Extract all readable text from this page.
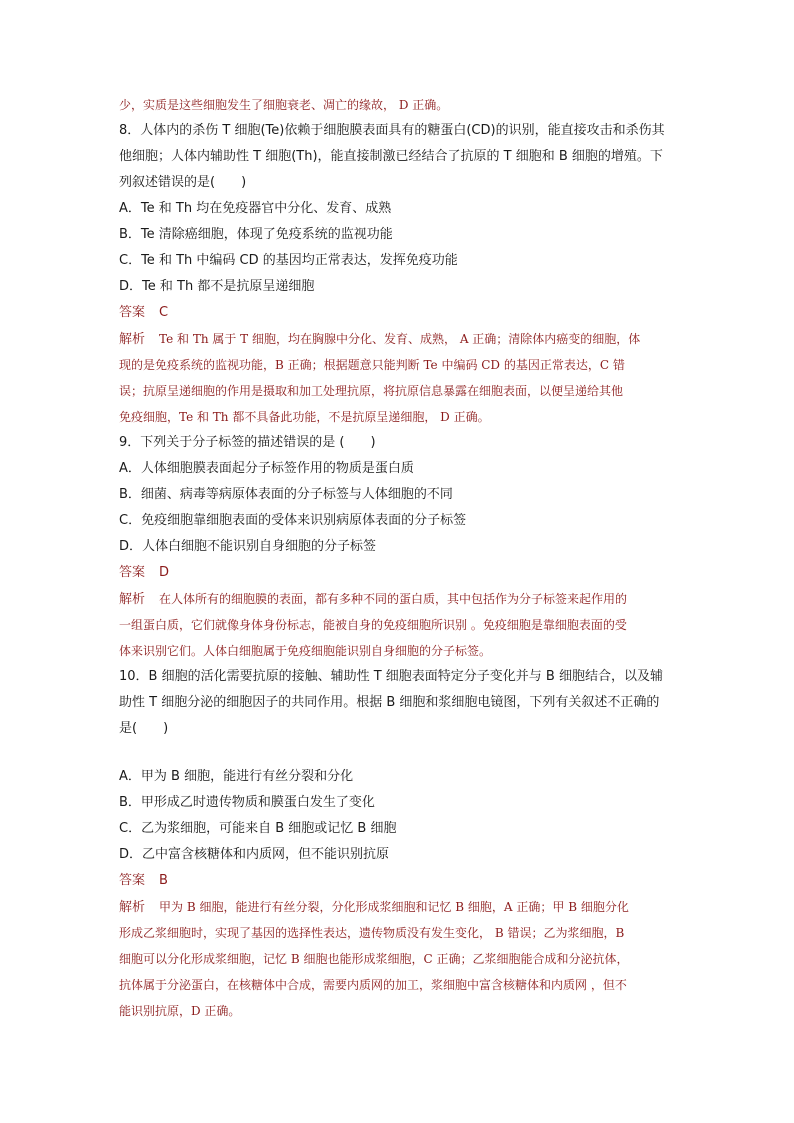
少，实质是这些细胞发生了细胞衰老、凋亡的缘故， D 正确。
8．人体内的杀伤 T 细胞(Te)依赖于细胞膜表面具有的糖蛋白(CD)的识别，能直接攻击和杀伤其
他细胞；人体内辅助性 T 细胞(Th)，能直接制激已经结合了抗原的 T 细胞和 B 细胞的增殖。下
列叙述错误的是(　　)
A．Te 和 Th 均在免疫器官中分化、发育、成熟
B．Te 清除癌细胞，体现了免疫系统的监视功能
C．Te 和 Th 中编码 CD 的基因均正常表达，发挥免疫功能
D．Te 和 Th 都不是抗原呈递细胞
答案 C
解析 Te 和 Th 属于 T 细胞，均在胸腺中分化、发育、成熟， A 正确；清除体内癌变的细胞，体
现的是免疫系统的监视功能，B 正确；根据题意只能判断 Te 中编码 CD 的基因正常表达，C 错
误；抗原呈递细胞的作用是摄取和加工处理抗原，将抗原信息暴露在细胞表面，以便呈递给其他
免疫细胞，Te 和 Th 都不具备此功能，不是抗原呈递细胞， D 正确。
9．下列关于分子标签的描述错误的是 (　　)
A．人体细胞膜表面起分子标签作用的物质是蛋白质
B．细菌、病毒等病原体表面的分子标签与人体细胞的不同
C．免疫细胞靠细胞表面的受体来识别病原体表面的分子标签
D．人体白细胞不能识别自身细胞的分子标签
答案 D
解析 在人体所有的细胞膜的表面，都有多种不同的蛋白质，其中包括作为分子标签来起作用的
一组蛋白质，它们就像身体身份标志，能被自身的免疫细胞所识别 。免疫细胞是靠细胞表面的受
体来识别它们。人体白细胞属于免疫细胞能识别自身细胞的分子标签。
10．B 细胞的活化需要抗原的接触、辅助性 T 细胞表面特定分子变化并与 B 细胞结合，以及辅
助性 T 细胞分泌的细胞因子的共同作用。根据 B 细胞和浆细胞电镜图，下列有关叙述不正确的
是(　　)
A．甲为 B 细胞，能进行有丝分裂和分化
B．甲形成乙时遗传物质和膜蛋白发生了变化
C．乙为浆细胞，可能来自 B 细胞或记忆 B 细胞
D．乙中富含核糖体和内质网，但不能识别抗原
答案 B
解析 甲为 B 细胞，能进行有丝分裂，分化形成浆细胞和记忆 B 细胞，A 正确；甲 B 细胞分化
形成乙浆细胞时，实现了基因的选择性表达，遗传物质没有发生变化， B 错误；乙为浆细胞，B
细胞可以分化形成浆细胞，记忆 B 细胞也能形成浆细胞，C 正确；乙浆细胞能合成和分泌抗体，
抗体属于分泌蛋白，在核糖体中合成，需要内质网的加工，浆细胞中富含核糖体和内质网 ，但不
能识别抗原，D 正确。
